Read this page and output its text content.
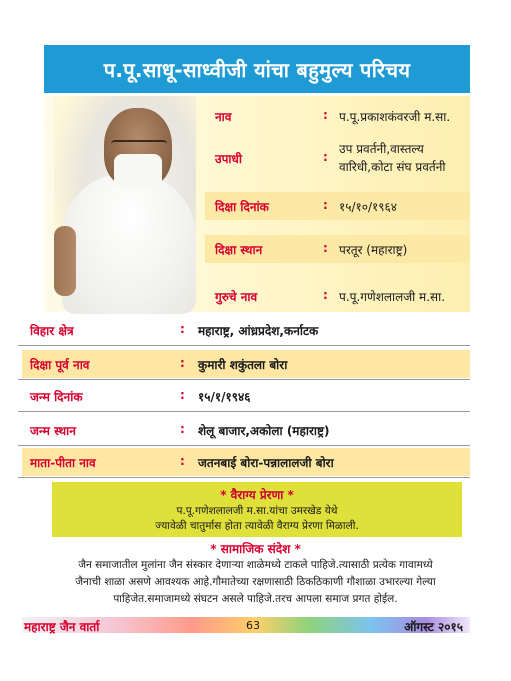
प.पू.साधू-साध्वीजी यांचा बहुमुल्य परिचय
नाव	: प.पू.प्रकाशकंवरजी म.सा.
उपाधी	:
उप प्रवर्तनी,वास्तल्य वारिधी,कोटा संघ प्रवर्तनी
दिक्षा दिनांक	: १५/१०/१९६४
दिक्षा स्थान	: परतूर (महाराष्ट्र)
गुरुचे नाव	: प.पू.गणेशलालजी म.सा.
विहार क्षेत्र	: महाराष्ट्र, आंध्रप्रदेश,कर्नाटक
दिक्षा पूर्व नाव	: कुमारी शकुंतला बोरा
जन्म दिनांक	: १५/१/१९४६
जन्म स्थान	: शेलू बाजार,अकोला (महाराष्ट्र)
माता-पीता नाव	: जतनबाई बोरा-पन्नालालजी बोरा
* वैराग्य प्रेरणा *
प.पू.गणेशलालजी म.सा.यांचा उमरखेड येथे
ज्यावेळी चातुर्मास होता त्यावेळी वैराग्य प्रेरणा मिळाली.
* सामाजिक संदेश *
जैन समाजातील मुलांना जैन संस्कार देणाऱ्या शाळेमध्ये टाकले पाहिजे.त्यासाठी प्रत्येक गावामध्ये
जैनाची शाळा असणे आवश्यक आहे.गौमातेच्या रक्षणासाठी ठिकठिकाणी गौशाळा उभारल्या गेल्या
पाहिजेत.समाजामध्ये संघटन असले पाहिजे.तरच आपला समाज प्रगत होईल.
महाराष्ट्र जैन वार्ता	63	ऑगस्ट २०१५
